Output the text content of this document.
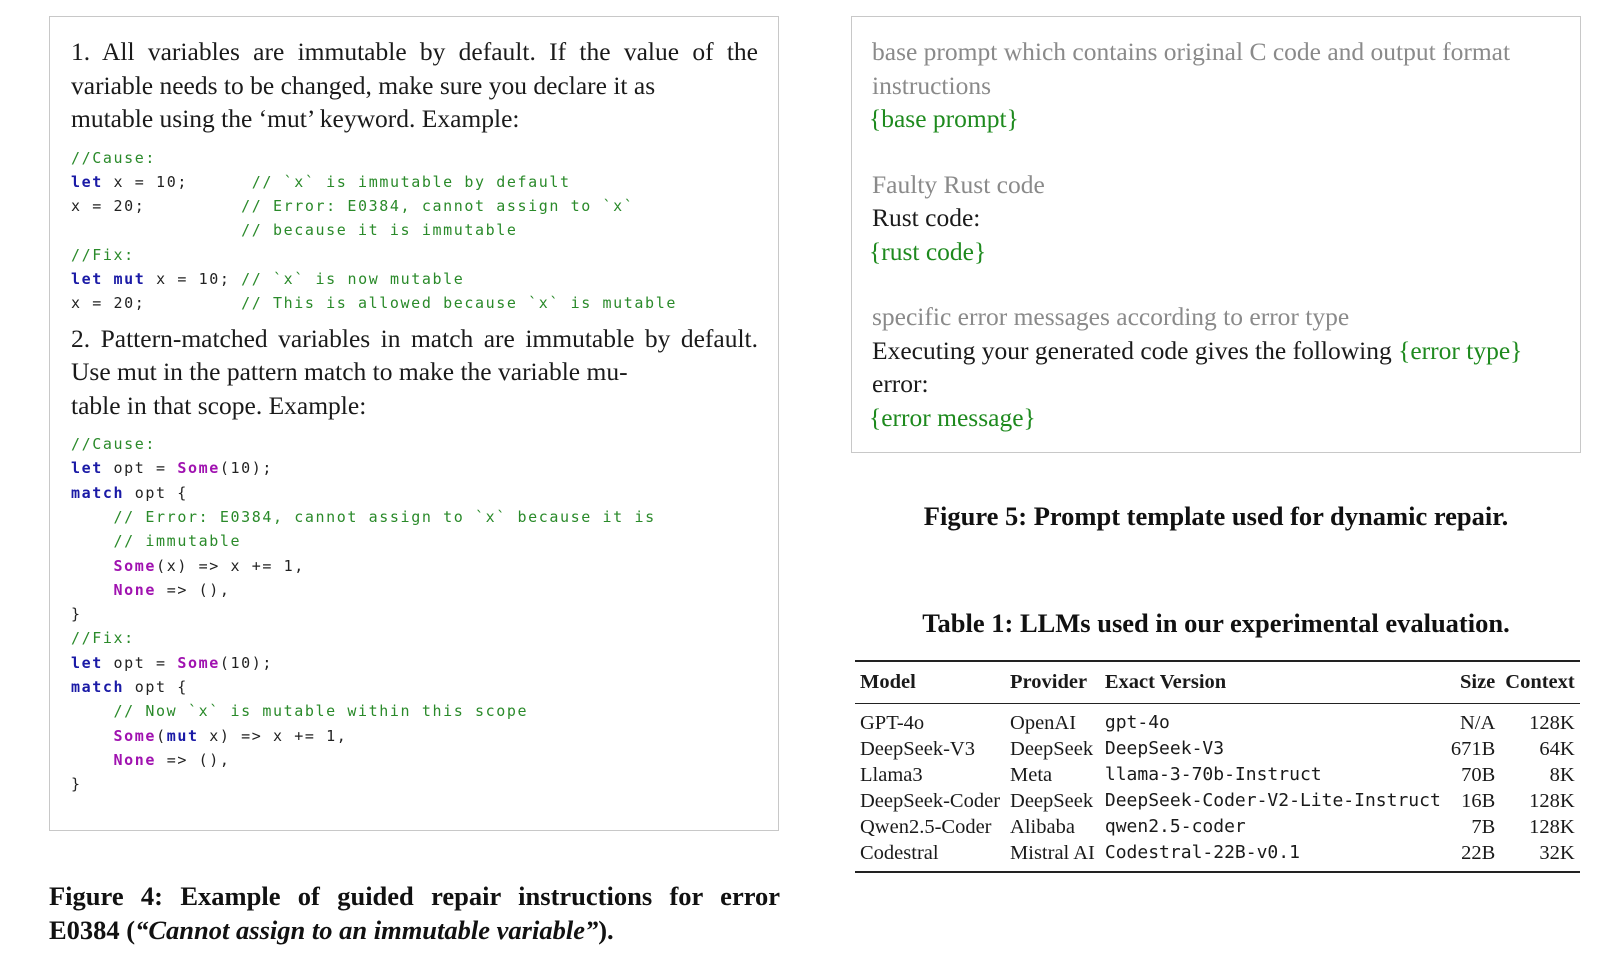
1. All variables are immutable by default. If the value of the variable needs to be changed, make sure you declare it as
mutable using the ‘mut’ keyword. Example:

//Cause:
let x = 10;      // `x` is immutable by default
x = 20;         // Error: E0384, cannot assign to `x`
// because it is immutable
//Fix:
let mut x = 10; // `x` is now mutable
x = 20;         // This is allowed because `x` is mutable

2. Pattern-matched variables in match are immutable by default. Use mut in the pattern match to make the variable mu-
table in that scope. Example:

//Cause:
let opt = Some(10);
match opt {
// Error: E0384, cannot assign to `x` because it is
// immutable
Some(x) => x += 1,
None => (),
}
//Fix:
let opt = Some(10);
match opt {
// Now `x` is mutable within this scope
Some(mut x) => x += 1,
None => (),
}
Figure 4: Example of guided repair instructions for error
E0384 (“Cannot assign to an immutable variable”).

base prompt which contains original C code and output format instructions

{base prompt}

Faulty Rust code

Rust code:

{rust code}

specific error messages according to error type

Executing your generated code gives the following {error type}

error:

{error message}

Figure 5: Prompt template used for dynamic repair.
Table 1: LLMs used in our experimental evaluation.
Model	Provider	Exact Version	Size	Context
GPT-4o	OpenAI	gpt-4o	N/A	128K
DeepSeek-V3	DeepSeek	DeepSeek-V3	671B	64K
Llama3	Meta	llama-3-70b-Instruct	70B	8K
DeepSeek-Coder	DeepSeek	DeepSeek-Coder-V2-Lite-Instruct	16B	128K
Qwen2.5-Coder	Alibaba	qwen2.5-coder	7B	128K
Codestral	Mistral AI	Codestral-22B-v0.1	22B	32K
